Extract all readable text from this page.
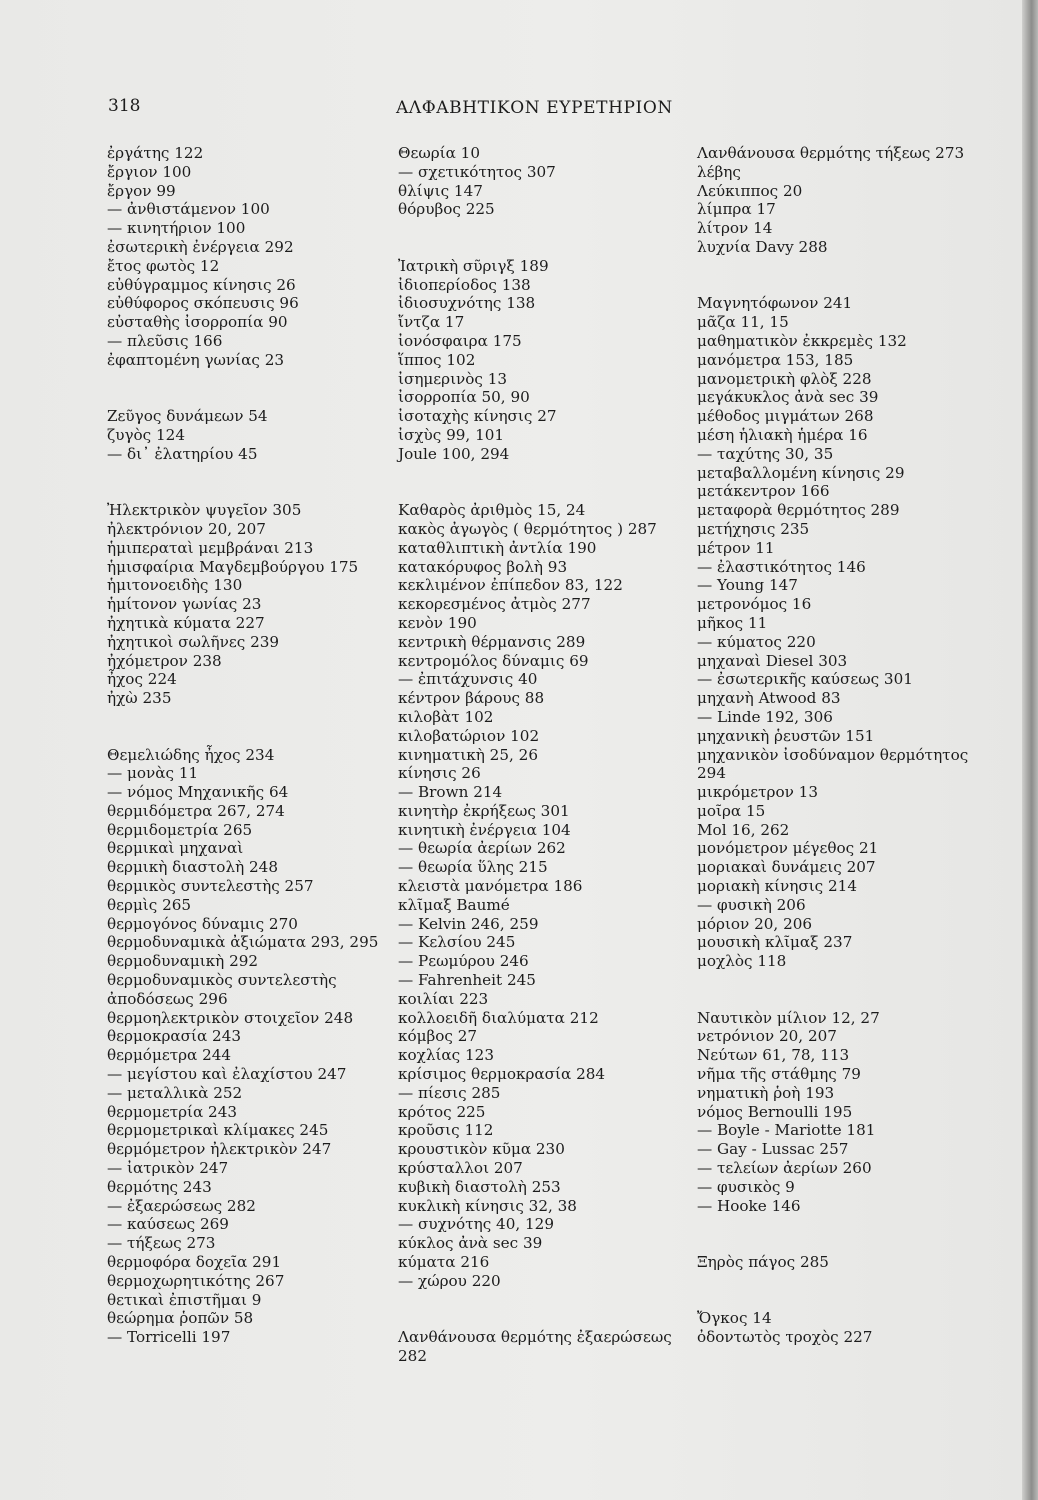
318	ΑΛΦΑΒΗΤΙΚΟΝ ΕΥΡΕΤΗΡΙΟΝ
ἐργάτης 122
ἔργιον 100
ἔργον 99
— ἀνθιστάμενον 100
— κινητήριον 100
ἐσωτερικὴ ἐνέργεια 292
ἔτος φωτὸς 12
εὐθύγραμμος κίνησις 26
εὐθύφορος σκόπευσις 96
εὐσταθὴς ἰσορροπία 90
— πλεῦσις 166
ἐφαπτομένη γωνίας 23
Ζεῦγος δυνάμεων 54
ζυγὸς 124
— δι᾿ ἐλατηρίου 45
Ἠλεκτρικὸν ψυγεῖον 305
ἠλεκτρόνιον 20, 207
ἡμιπεραταὶ μεμβράναι 213
ἡμισφαίρια Μαγδεμβούργου 175
ἡμιτονοειδὴς 130
ἡμίτονον γωνίας 23
ἠχητικὰ κύματα 227
ἠχητικοὶ σωλῆνες 239
ἠχόμετρον 238
ἦχος 224
ἠχὼ 235
Θεμελιώδης ἦχος 234
— μονὰς 11
— νόμος Μηχανικῆς 64
θερμιδόμετρα 267, 274
θερμιδομετρία 265
θερμικαὶ μηχαναὶ
θερμικὴ διαστολὴ 248
θερμικὸς συντελεστὴς 257
θερμὶς 265
θερμογόνος δύναμις 270
θερμοδυναμικὰ ἀξιώματα 293, 295
θερμοδυναμικὴ 292
θερμοδυναμικὸς συντελεστὴς ἀποδόσεως 296
θερμοηλεκτρικὸν στοιχεῖον 248
θερμοκρασία 243
θερμόμετρα 244
— μεγίστου καὶ ἐλαχίστου 247
— μεταλλικὰ 252
θερμομετρία 243
θερμομετρικαὶ κλίμακες 245
θερμόμετρον ἠλεκτρικὸν 247
— ἰατρικὸν 247
θερμότης 243
— ἐξαερώσεως 282
— καύσεως 269
— τήξεως 273
θερμοφόρα δοχεῖα 291
θερμοχωρητικότης 267
θετικαὶ ἐπιστῆμαι 9
θεώρημα ῥοπῶν 58
— Torricelli 197
Θεωρία 10
— σχετικότητος 307
θλίψις 147
θόρυβος 225
Ἰατρικὴ σῦριγξ 189
ἰδιοπερίοδος 138
ἰδιοσυχνότης 138
ἴντζα 17
ἰονόσφαιρα 175
ἵππος 102
ἰσημερινὸς 13
ἰσορροπία 50, 90
ἰσοταχὴς κίνησις 27
ἰσχὺς 99, 101
Joule 100, 294
Καθαρὸς ἀριθμὸς 15, 24
κακὸς ἀγωγὸς ( θερμότητος ) 287
καταθλιπτικὴ ἀντλία 190
κατακόρυφος βολὴ 93
κεκλιμένον ἐπίπεδον 83, 122
κεκορεσμένος ἀτμὸς 277
κενὸν 190
κεντρικὴ θέρμανσις 289
κεντρομόλος δύναμις 69
— ἐπιτάχυνσις 40
κέντρον βάρους 88
κιλοβὰτ 102
κιλοβατώριον 102
κινηματικὴ 25, 26
κίνησις 26
— Brown 214
κινητὴρ ἐκρήξεως 301
κινητικὴ ἐνέργεια 104
— θεωρία ἀερίων 262
— θεωρία ὕλης 215
κλειστὰ μανόμετρα 186
κλῖμαξ Baumé
— Kelvin 246, 259
— Κελσίου 245
— Ρεωμύρου 246
— Fahrenheit 245
κοιλίαι 223
κολλοειδῆ διαλύματα 212
κόμβος 27
κοχλίας 123
κρίσιμος θερμοκρασία 284
— πίεσις 285
κρότος 225
κροῦσις 112
κρουστικὸν κῦμα 230
κρύσταλλοι 207
κυβικὴ διαστολὴ 253
κυκλικὴ κίνησις 32, 38
— συχνότης 40, 129
κύκλος ἀνὰ sec 39
κύματα 216
— χώρου 220
Λανθάνουσα θερμότης ἐξαερώσεως 282
Λανθάνουσα θερμότης τήξεως 273
λέβης
Λεύκιππος 20
λίμπρα 17
λίτρον 14
λυχνία Davy 288
Μαγνητόφωνον 241
μᾶζα 11, 15
μαθηματικὸν ἐκκρεμὲς 132
μανόμετρα 153, 185
μανομετρικὴ φλὸξ 228
μεγάκυκλος ἀνὰ sec 39
μέθοδος μιγμάτων 268
μέση ἡλιακὴ ἡμέρα 16
— ταχύτης 30, 35
μεταβαλλομένη κίνησις 29
μετάκεντρον 166
μεταφορὰ θερμότητος 289
μετήχησις 235
μέτρον 11
— ἐλαστικότητος 146
— Young 147
μετρονόμος 16
μῆκος 11
— κύματος 220
μηχαναὶ Diesel 303
— ἐσωτερικῆς καύσεως 301
μηχανὴ Atwood 83
— Linde 192, 306
μηχανικὴ ῥευστῶν 151
μηχανικὸν ἰσοδύναμον θερμότητος 294
μικρόμετρον 13
μοῖρα 15
Mol 16, 262
μονόμετρον μέγεθος 21
μοριακαὶ δυνάμεις 207
μοριακὴ κίνησις 214
— φυσικὴ 206
μόριον 20, 206
μουσικὴ κλῖμαξ 237
μοχλὸς 118
Ναυτικὸν μίλιον 12, 27
νετρόνιον 20, 207
Νεύτων 61, 78, 113
νῆμα τῆς στάθμης 79
νηματικὴ ῥοὴ 193
νόμος Bernoulli 195
— Boyle - Mariotte 181
— Gay - Lussac 257
— τελείων ἀερίων 260
— φυσικὸς 9
— Hooke 146
Ξηρὸς πάγος 285
Ὄγκος 14
ὀδοντωτὸς τροχὸς 227
